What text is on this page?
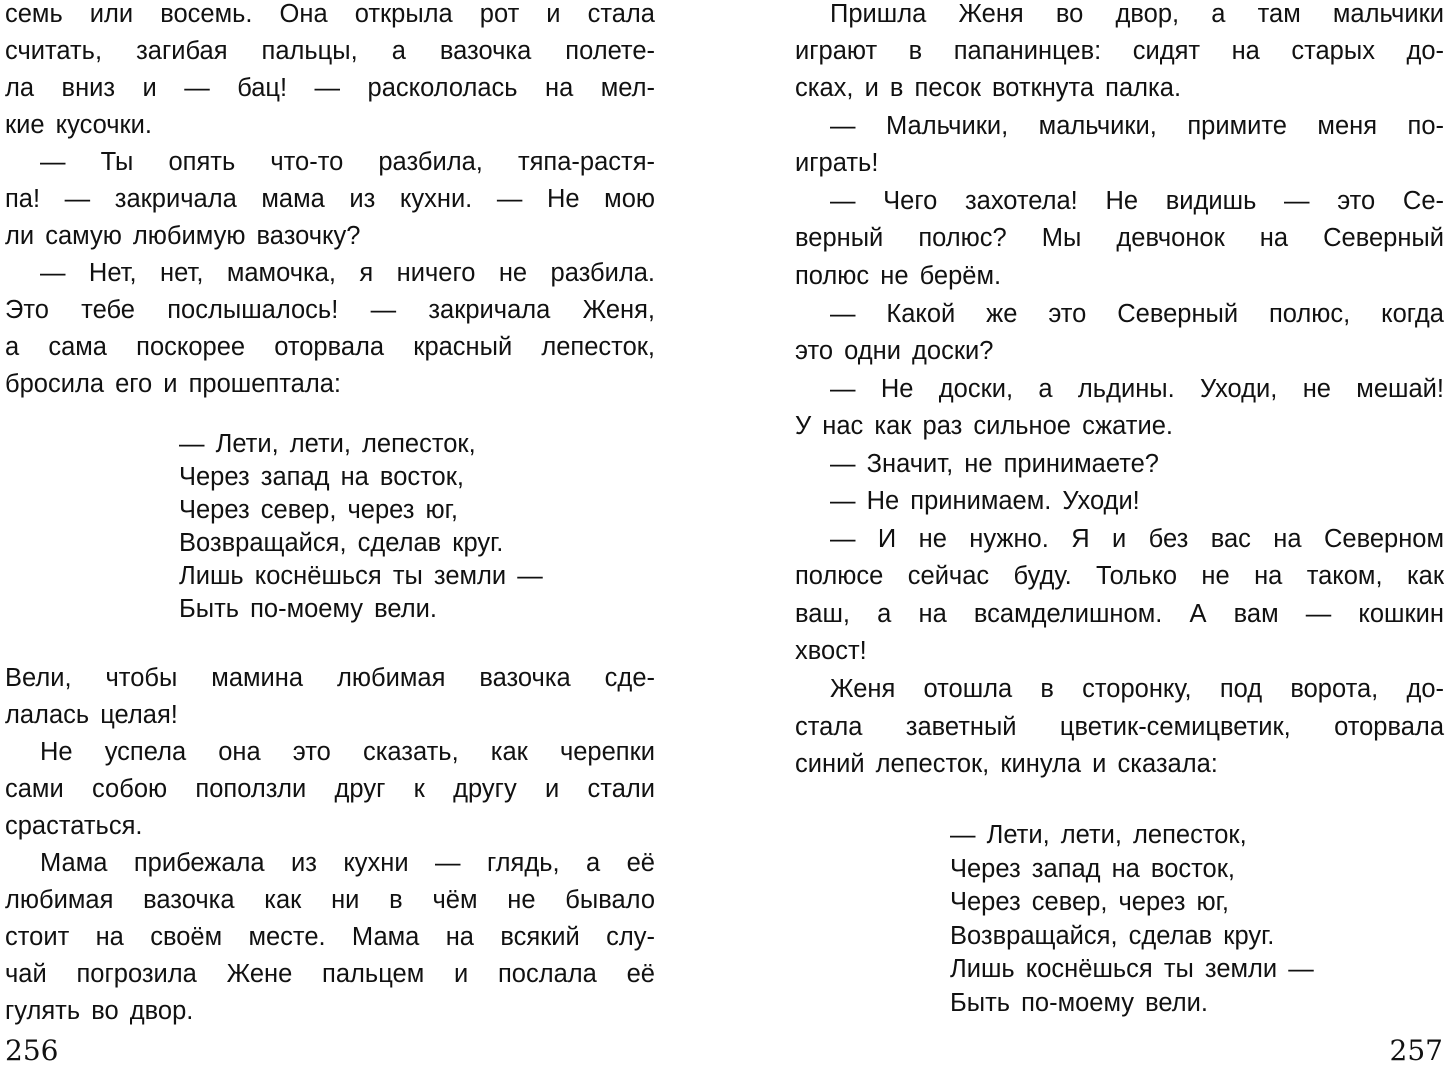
семь или восемь. Она открыла рот и стала
считать, загибая пальцы, а вазочка полете-
ла вниз и — бац! — раскололась на мел-
кие кусочки.
— Ты опять что-то разбила, тяпа-растя-
па! — закричала мама из кухни. — Не мою
ли самую любимую вазочку?
— Нет, нет, мамочка, я ничего не разбила.
Это тебе послышалось! — закричала Женя,
а сама поскорее оторвала красный лепесток,
бросила его и прошептала:
— Лети, лети, лепесток,
Через запад на восток,
Через север, через юг,
Возвращайся, сделав круг.
Лишь коснёшься ты земли —
Быть по-моему вели.
Вели, чтобы мамина любимая вазочка сде-
лалась целая!
Не успела она это сказать, как черепки
сами собою поползли друг к другу и стали
срастаться.
Мама прибежала из кухни — глядь, а её
любимая вазочка как ни в чём не бывало
стоит на своём месте. Мама на всякий слу-
чай погрозила Жене пальцем и послала её
гулять во двор.
256
Пришла Женя во двор, а там мальчики
играют в папанинцев: сидят на старых до-
сках, и в песок воткнута палка.
— Мальчики, мальчики, примите меня по-
играть!
— Чего захотела! Не видишь — это Се-
верный полюс? Мы девчонок на Северный
полюс не берём.
— Какой же это Северный полюс, когда
это одни доски?
— Не доски, а льдины. Уходи, не мешай!
У нас как раз сильное сжатие.
— Значит, не принимаете?
— Не принимаем. Уходи!
— И не нужно. Я и без вас на Северном
полюсе сейчас буду. Только не на таком, как
ваш, а на всамделишном. А вам — кошкин
хвост!
Женя отошла в сторонку, под ворота, до-
стала заветный цветик-семицветик, оторвала
синий лепесток, кинула и сказала:
— Лети, лети, лепесток,
Через запад на восток,
Через север, через юг,
Возвращайся, сделав круг.
Лишь коснёшься ты земли —
Быть по-моему вели.
257
